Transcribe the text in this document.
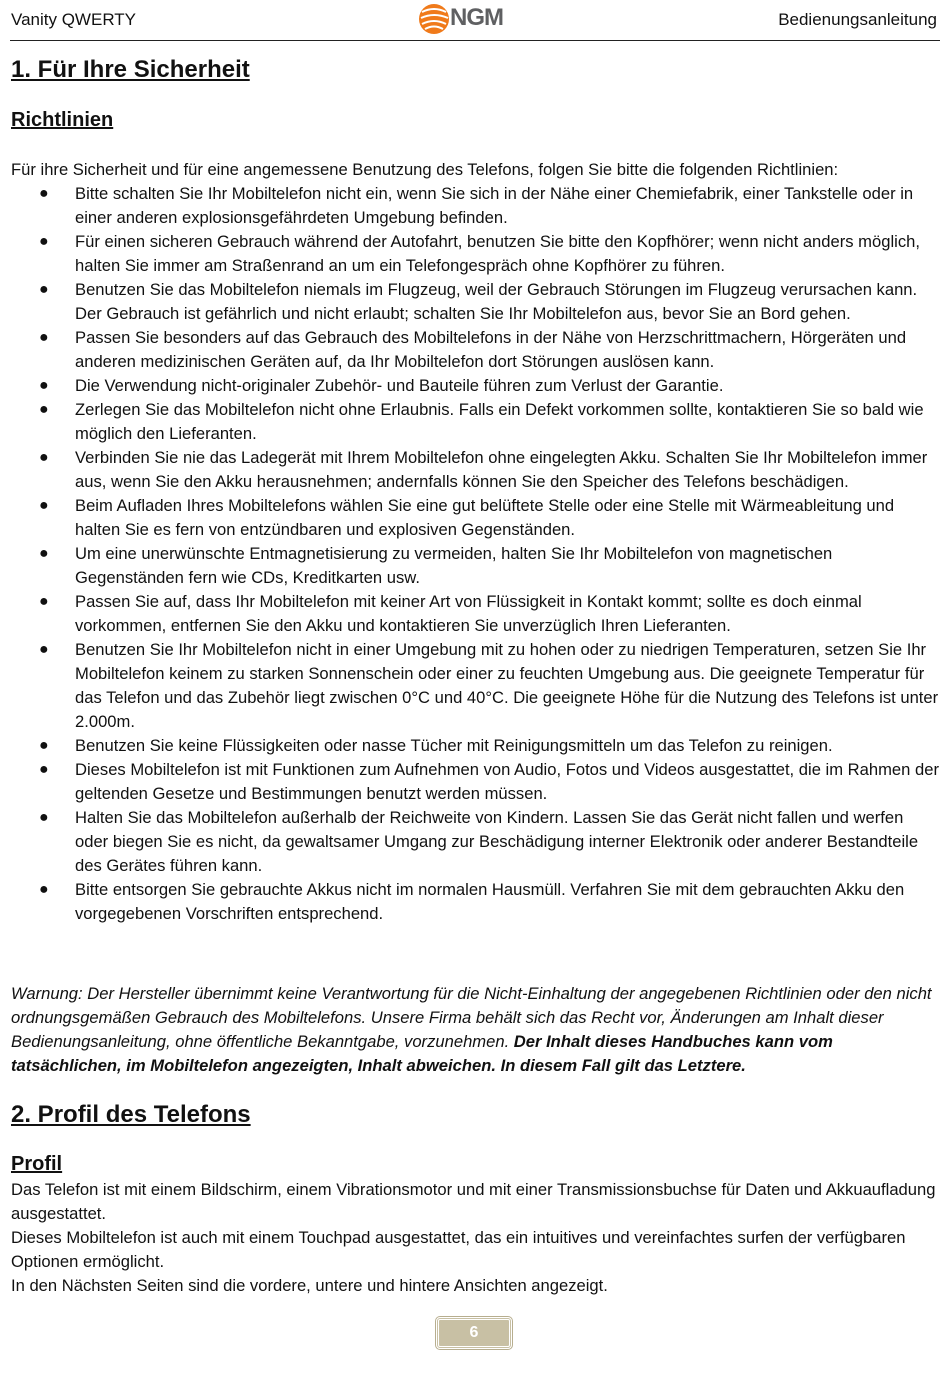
Vanity QWERTY	NGM	Bedienungsanleitung
1. Für Ihre Sicherheit
Richtlinien
Für ihre Sicherheit und für eine angemessene Benutzung des Telefons, folgen Sie bitte die folgenden Richtlinien:
● Bitte schalten Sie Ihr Mobiltelefon nicht ein, wenn Sie sich in der Nähe einer Chemiefabrik, einer Tankstelle oder in einer anderen explosionsgefährdeten Umgebung befinden.
● Für einen sicheren Gebrauch während der Autofahrt, benutzen Sie bitte den Kopfhörer; wenn nicht anders möglich, halten Sie immer am Straßenrand an um ein Telefongespräch ohne Kopfhörer zu führen.
● Benutzen Sie das Mobiltelefon niemals im Flugzeug, weil der Gebrauch Störungen im Flugzeug verursachen kann. Der Gebrauch ist gefährlich und nicht erlaubt; schalten Sie Ihr Mobiltelefon aus, bevor Sie an Bord gehen.
● Passen Sie besonders auf das Gebrauch des Mobiltelefons in der Nähe von Herzschrittmachern, Hörgeräten und anderen medizinischen Geräten auf, da Ihr Mobiltelefon dort Störungen auslösen kann.
● Die Verwendung nicht-originaler Zubehör- und Bauteile führen zum Verlust der Garantie.
● Zerlegen Sie das Mobiltelefon nicht ohne Erlaubnis. Falls ein Defekt vorkommen sollte, kontaktieren Sie so bald wie möglich den Lieferanten.
● Verbinden Sie nie das Ladegerät mit Ihrem Mobiltelefon ohne eingelegten Akku. Schalten Sie Ihr Mobiltelefon immer aus, wenn Sie den Akku herausnehmen; andernfalls können Sie den Speicher des Telefons beschädigen.
● Beim Aufladen Ihres Mobiltelefons wählen Sie eine gut belüftete Stelle oder eine Stelle mit Wärmeableitung und halten Sie es fern von entzündbaren und explosiven Gegenständen.
● Um eine unerwünschte Entmagnetisierung zu vermeiden, halten Sie Ihr Mobiltelefon von magnetischen Gegenständen fern wie CDs, Kreditkarten usw.
● Passen Sie auf, dass Ihr Mobiltelefon mit keiner Art von Flüssigkeit in Kontakt kommt; sollte es doch einmal vorkommen, entfernen Sie den Akku und kontaktieren Sie unverzüglich Ihren Lieferanten.
● Benutzen Sie Ihr Mobiltelefon nicht in einer Umgebung mit zu hohen oder zu niedrigen Temperaturen, setzen Sie Ihr Mobiltelefon keinem zu starken Sonnenschein oder einer zu feuchten Umgebung aus. Die geeignete Temperatur für das Telefon und das Zubehör liegt zwischen 0°C und 40°C. Die geeignete Höhe für die Nutzung des Telefons ist unter 2.000m.
● Benutzen Sie keine Flüssigkeiten oder nasse Tücher mit Reinigungsmitteln um das Telefon zu reinigen.
● Dieses Mobiltelefon ist mit Funktionen zum Aufnehmen von Audio, Fotos und Videos ausgestattet, die im Rahmen der geltenden Gesetze und Bestimmungen benutzt werden müssen.
● Halten Sie das Mobiltelefon außerhalb der Reichweite von Kindern. Lassen Sie das Gerät nicht fallen und werfen oder biegen Sie es nicht, da gewaltsamer Umgang zur Beschädigung interner Elektronik oder anderer Bestandteile des Gerätes führen kann.
● Bitte entsorgen Sie gebrauchte Akkus nicht im normalen Hausmüll. Verfahren Sie mit dem gebrauchten Akku den vorgegebenen Vorschriften entsprechend.
Warnung: Der Hersteller übernimmt keine Verantwortung für die Nicht-Einhaltung der angegebenen Richtlinien oder den nicht ordnungsgemäßen Gebrauch des Mobiltelefons. Unsere Firma behält sich das Recht vor, Änderungen am Inhalt dieser Bedienungsanleitung, ohne öffentliche Bekanntgabe, vorzunehmen. Der Inhalt dieses Handbuches kann vom tatsächlichen, im Mobiltelefon angezeigten, Inhalt abweichen. In diesem Fall gilt das Letztere.
2. Profil des Telefons
Profil

Das Telefon ist mit einem Bildschirm, einem Vibrationsmotor und mit einer Transmissionsbuchse für Daten und Akkuaufladung ausgestattet.

Dieses Mobiltelefon ist auch mit einem Touchpad ausgestattet, das ein intuitives und vereinfachtes surfen der verfügbaren Optionen ermöglicht.

In den Nächsten Seiten sind die vordere, untere und hintere Ansichten angezeigt.

6
